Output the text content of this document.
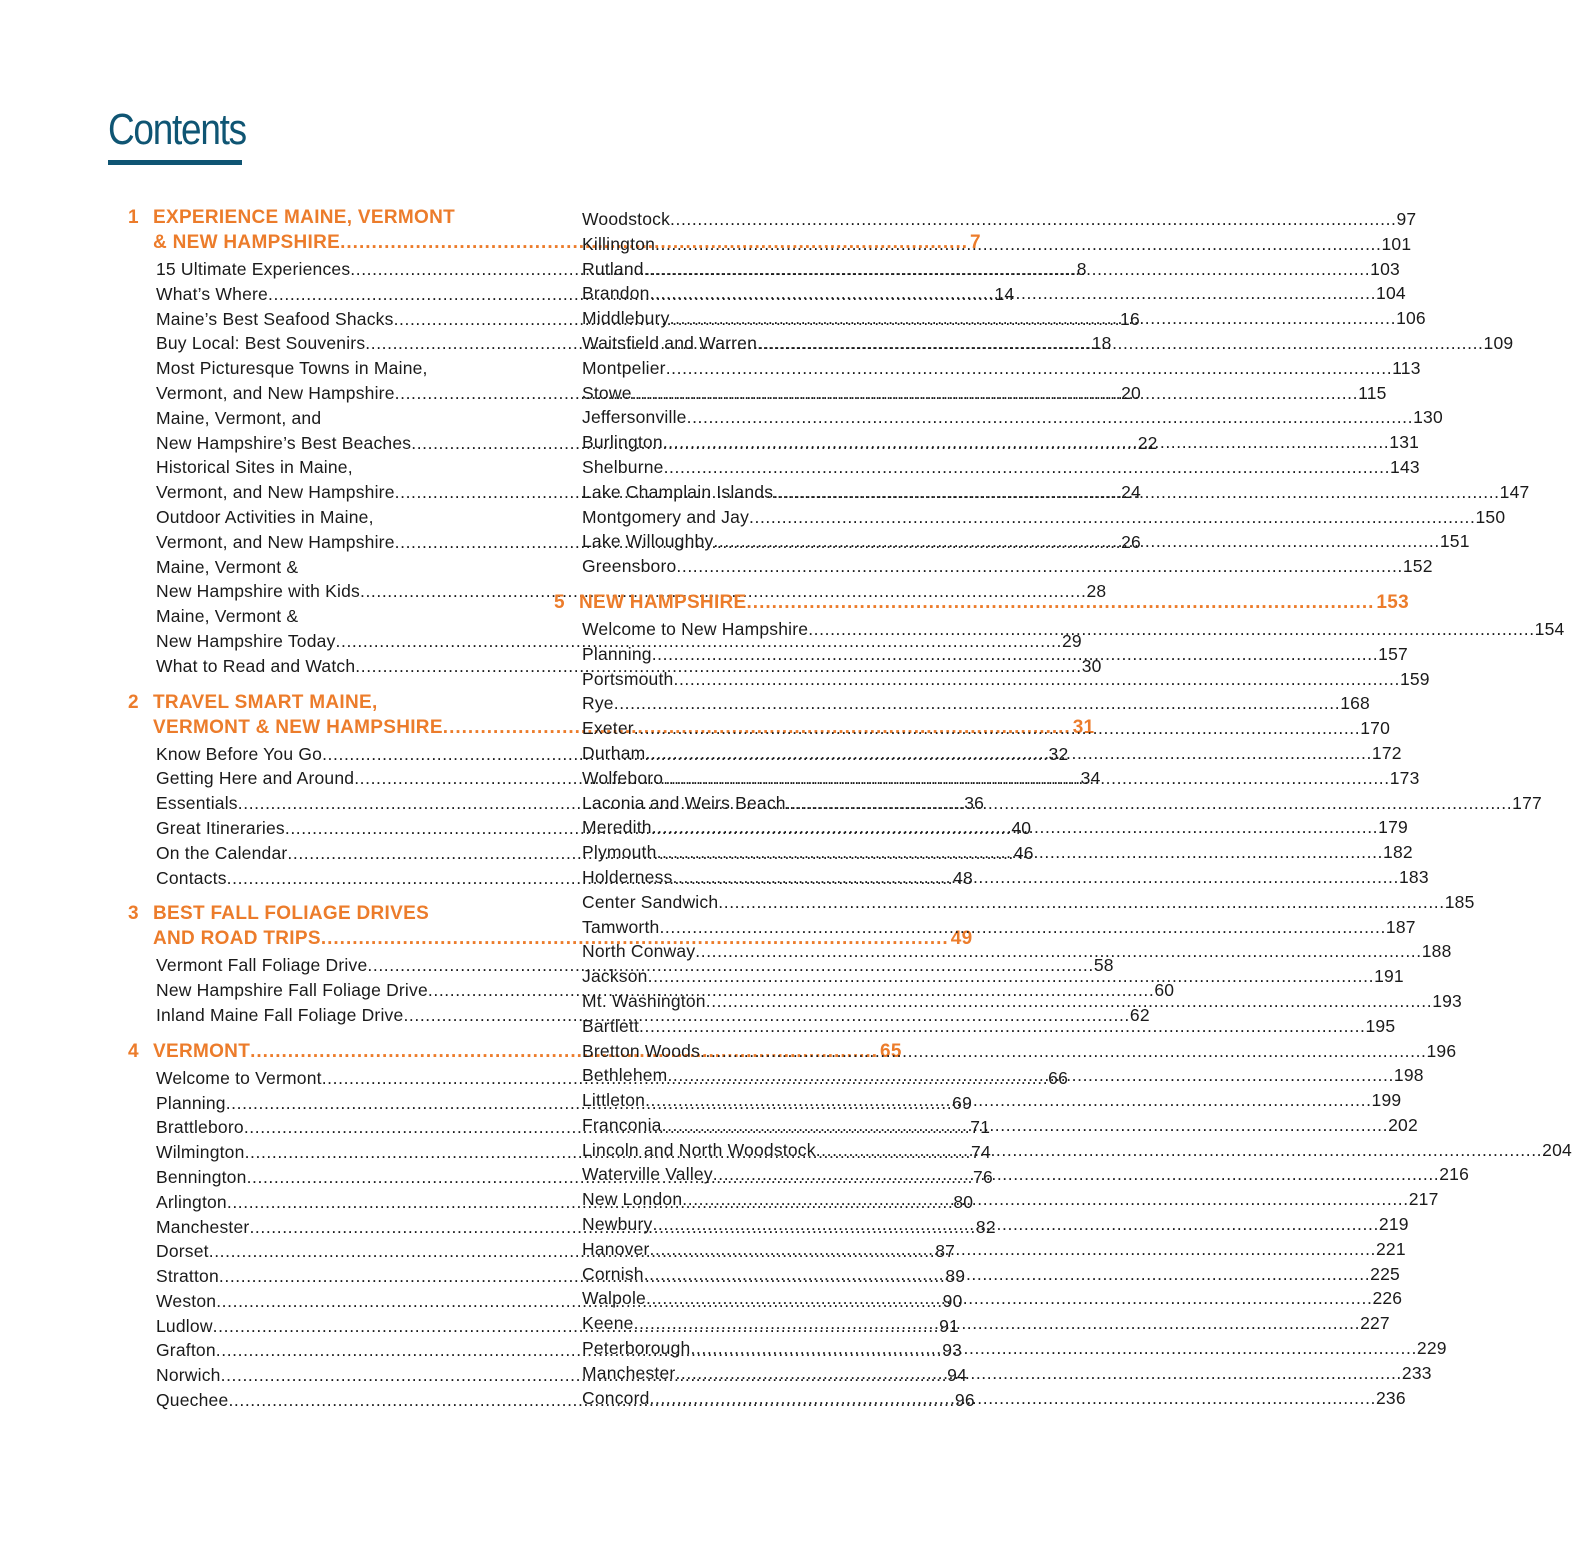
Contents
1 EXPERIENCE MAINE, VERMONT
& NEW HAMPSHIRE .....	7
15 Ultimate Experiences .....	8
What’s Where .....	14
Maine’s Best Seafood Shacks .....	16
Buy Local: Best Souvenirs .....	18
Most Picturesque Towns in Maine,
Vermont, and New Hampshire .....	20
Maine, Vermont, and
New Hampshire’s Best Beaches .....	22
Historical Sites in Maine,
Vermont, and New Hampshire .....	24
Outdoor Activities in Maine,
Vermont, and New Hampshire .....	26
Maine, Vermont &
New Hampshire with Kids .....	28
Maine, Vermont &
New Hampshire Today .....	29
What to Read and Watch .....	30
2 TRAVEL SMART MAINE,
VERMONT & NEW HAMPSHIRE .....	31
Know Before You Go .....	32
Getting Here and Around .....	34
Essentials .....	36
Great Itineraries .....	40
On the Calendar .....	46
Contacts .....	48
3 BEST FALL FOLIAGE DRIVES
AND ROAD TRIPS .....	49
Vermont Fall Foliage Drive .....	58
New Hampshire Fall Foliage Drive .....	60
Inland Maine Fall Foliage Drive .....	62
4 VERMONT .....	65
Welcome to Vermont .....	66
Planning .....	69
Brattleboro .....	71
Wilmington .....	74
Bennington .....	76
Arlington .....	80
Manchester .....	82
Dorset .....	87
Stratton .....	89
Weston .....	90
Ludlow .....	91
Grafton .....	93
Norwich .....	94
Quechee .....	96
Woodstock .....	97
Killington .....	101
Rutland .....	103
Brandon .....	104
Middlebury .....	106
Waitsfield and Warren .....	109
Montpelier .....	113
Stowe .....	115
Jeffersonville .....	130
Burlington .....	131
Shelburne .....	143
Lake Champlain Islands .....	147
Montgomery and Jay .....	150
Lake Willoughby .....	151
Greensboro .....	152
5 NEW HAMPSHIRE .....	153
Welcome to New Hampshire .....	154
Planning .....	157
Portsmouth .....	159
Rye .....	168
Exeter .....	170
Durham .....	172
Wolfeboro .....	173
Laconia and Weirs Beach .....	177
Meredith .....	179
Plymouth .....	182
Holderness .....	183
Center Sandwich .....	185
Tamworth .....	187
North Conway .....	188
Jackson .....	191
Mt. Washington .....	193
Bartlett .....	195
Bretton Woods .....	196
Bethlehem .....	198
Littleton .....	199
Franconia .....	202
Lincoln and North Woodstock .....	204
Waterville Valley .....	216
New London .....	217
Newbury .....	219
Hanover .....	221
Cornish .....	225
Walpole .....	226
Keene .....	227
Peterborough .....	229
Manchester .....	233
Concord .....	236
